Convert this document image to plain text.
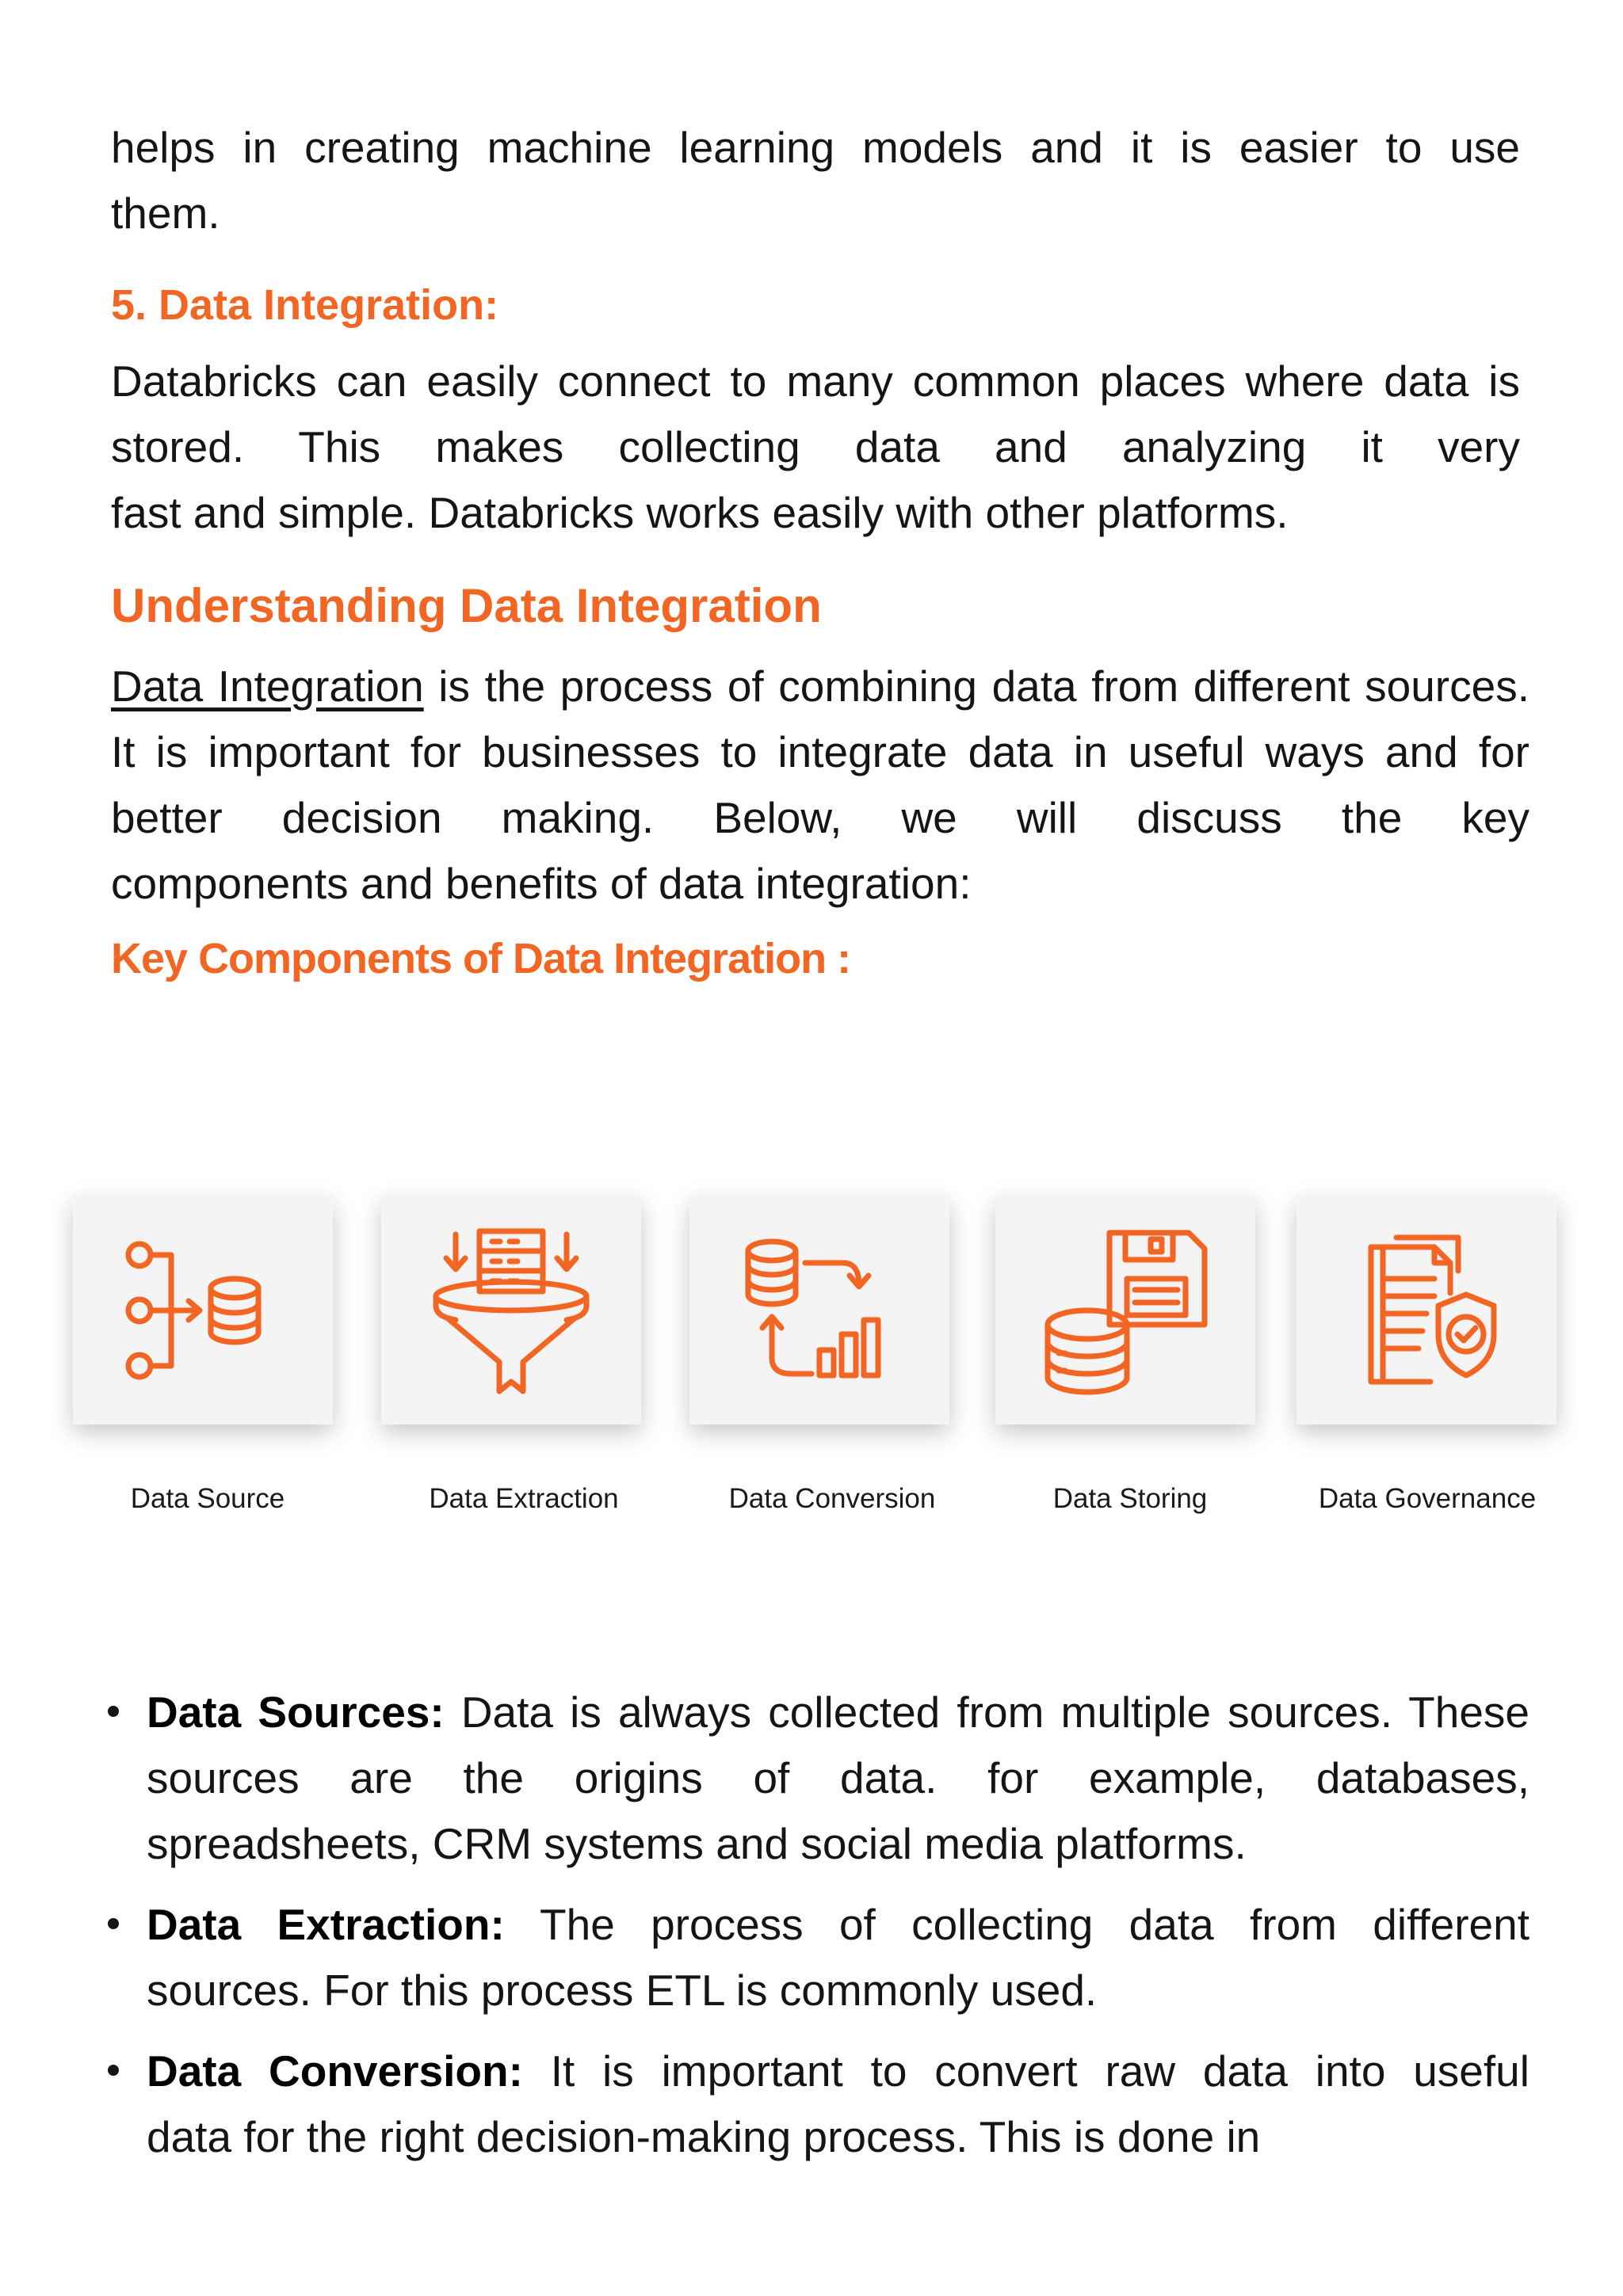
helps in creating machine learning models and it is easier to use

them.

5. Data Integration:

Databricks can easily connect to many common places where data is stored. This makes collecting data and analyzing it very

fast and simple. Databricks works easily with other platforms.

Understanding Data Integration

Data Integration is the process of combining data from different sources. It is important for businesses to integrate data in useful ways and for better decision making. Below, we will discuss the key

components and benefits of data integration:

Key Components of Data Integration :
Data Source	Data Extraction	Data Conversion	Data Storing	Data Governance

Data Sources: Data is always collected from multiple sources. These sources are the origins of data. for example, databases,

spreadsheets, CRM systems and social media platforms.

Data Extraction: The process of collecting data from different

sources. For this process ETL is commonly used.

Data Conversion: It is important to convert raw data into useful

data for the right decision-making process. This is done in
